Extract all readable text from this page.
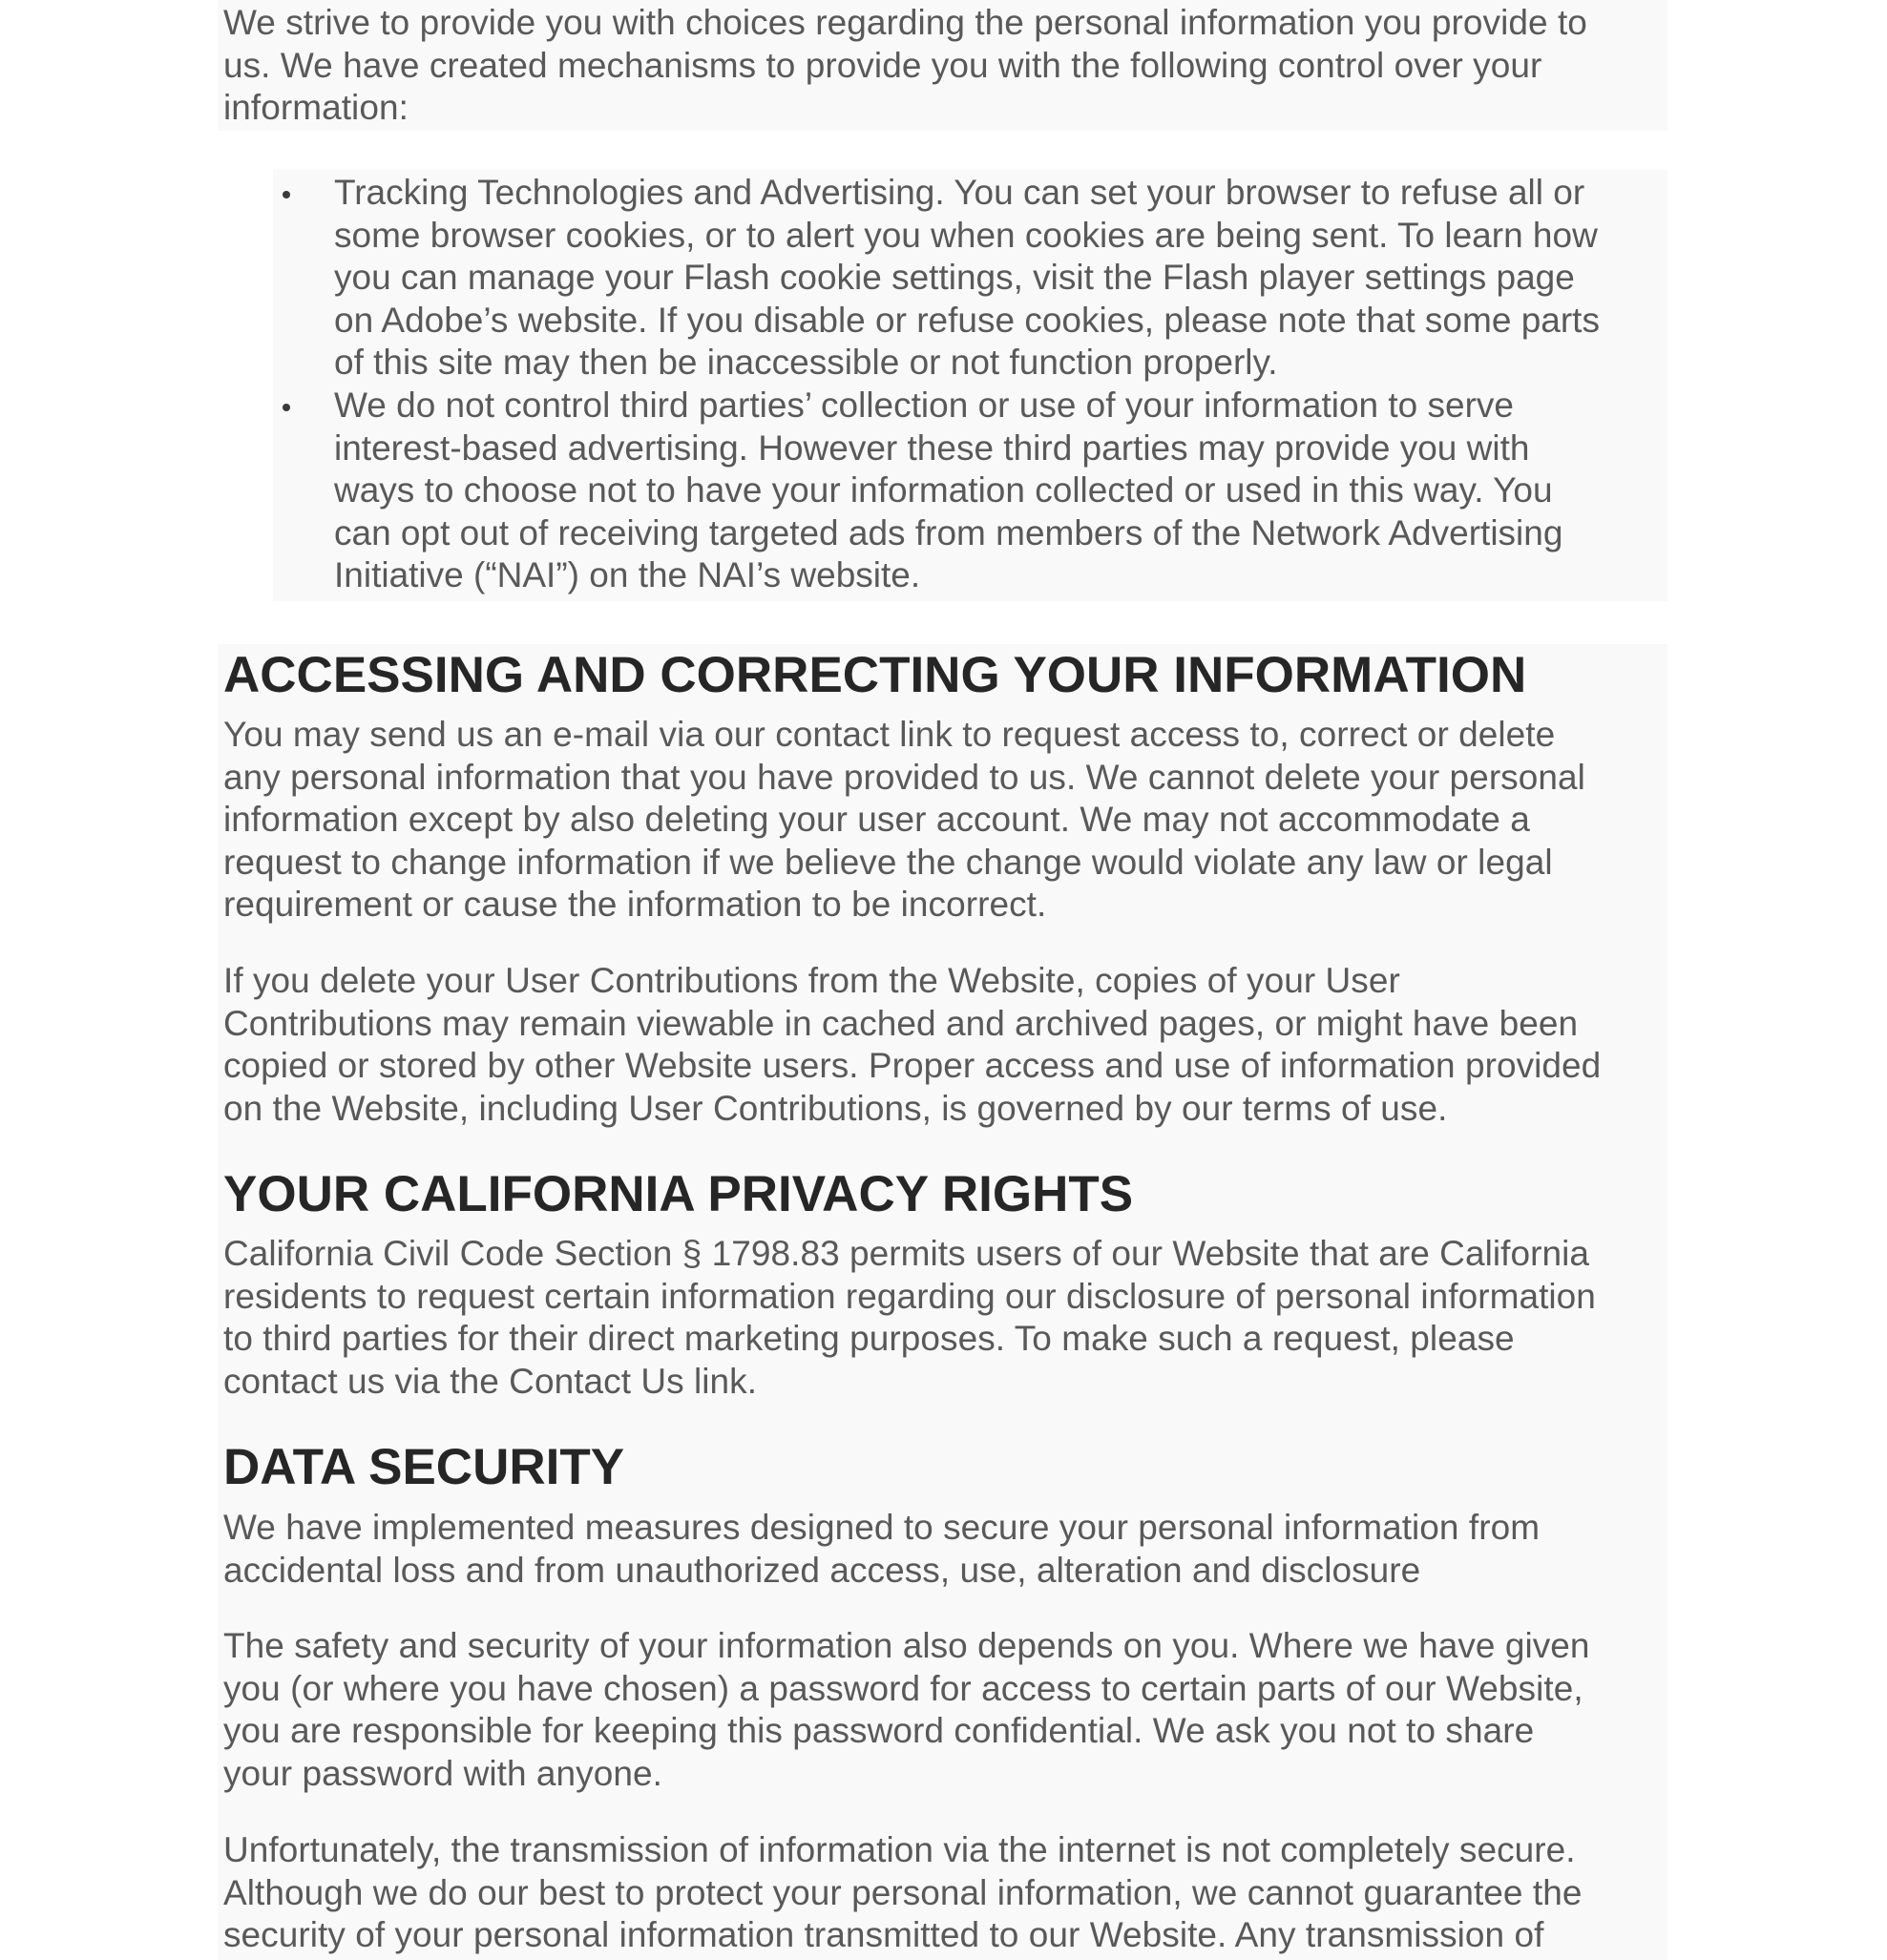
We strive to provide you with choices regarding the personal information you provide to
us. We have created mechanisms to provide you with the following control over your
information:

Tracking Technologies and Advertising. You can set your browser to refuse all or
some browser cookies, or to alert you when cookies are being sent. To learn how
you can manage your Flash cookie settings, visit the Flash player settings page
on Adobe’s website. If you disable or refuse cookies, please note that some parts
of this site may then be inaccessible or not function properly.

We do not control third parties’ collection or use of your information to serve
interest-based advertising. However these third parties may provide you with
ways to choose not to have your information collected or used in this way. You
can opt out of receiving targeted ads from members of the Network Advertising
Initiative (“NAI”) on the NAI’s website.

ACCESSING AND CORRECTING YOUR INFORMATION

You may send us an e-mail via our contact link to request access to, correct or delete
any personal information that you have provided to us. We cannot delete your personal
information except by also deleting your user account. We may not accommodate a
request to change information if we believe the change would violate any law or legal
requirement or cause the information to be incorrect.

If you delete your User Contributions from the Website, copies of your User
Contributions may remain viewable in cached and archived pages, or might have been
copied or stored by other Website users. Proper access and use of information provided
on the Website, including User Contributions, is governed by our terms of use.

YOUR CALIFORNIA PRIVACY RIGHTS

California Civil Code Section § 1798.83 permits users of our Website that are California
residents to request certain information regarding our disclosure of personal information
to third parties for their direct marketing purposes. To make such a request, please
contact us via the Contact Us link.

DATA SECURITY

We have implemented measures designed to secure your personal information from
accidental loss and from unauthorized access, use, alteration and disclosure

The safety and security of your information also depends on you. Where we have given
you (or where you have chosen) a password for access to certain parts of our Website,
you are responsible for keeping this password confidential. We ask you not to share
your password with anyone.

Unfortunately, the transmission of information via the internet is not completely secure.
Although we do our best to protect your personal information, we cannot guarantee the
security of your personal information transmitted to our Website. Any transmission of
